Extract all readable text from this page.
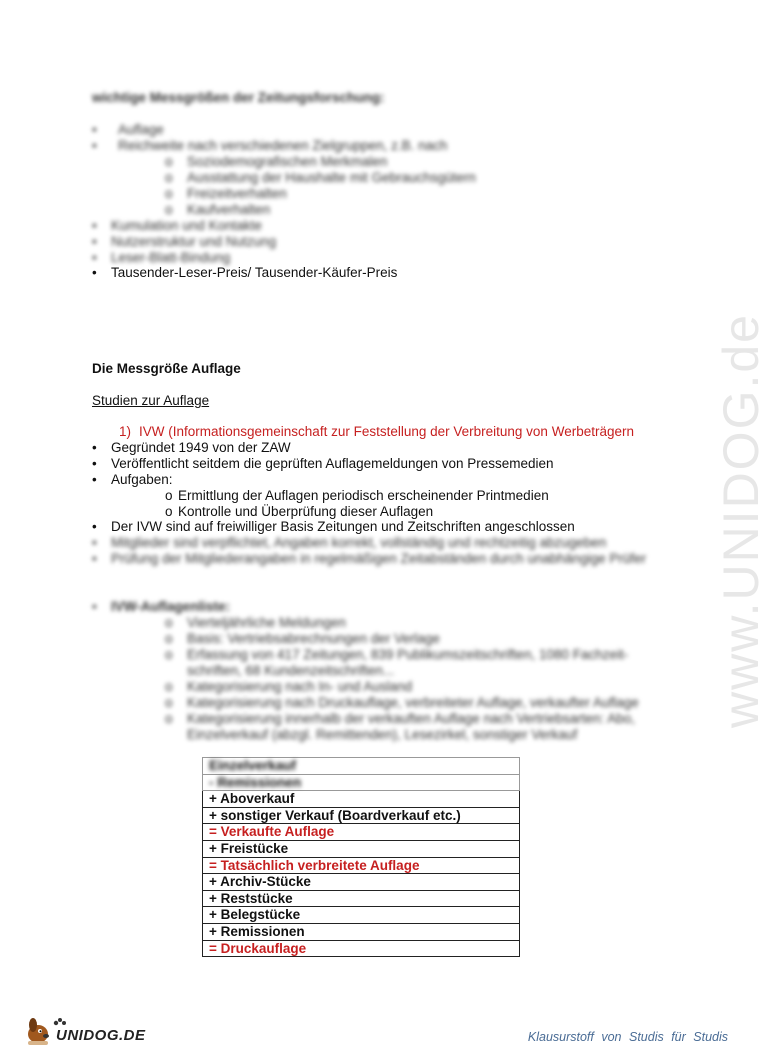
www.UNIDOG.de
wichtige Messgrößen der Zeitungsforschung:
• Auflage
• Reichweite nach verschiedenen Zielgruppen, z.B. nach
o Soziodemografischen Merkmalen
o Ausstattung der Haushalte mit Gebrauchsgütern
o Freizeitverhalten
o Kaufverhalten
• Kumulation und Kontakte
• Nutzerstruktur und Nutzung
• Leser-Blatt-Bindung
• Tausender-Leser-Preis/ Tausender-Käufer-Preis
Die Messgröße Auflage
Studien zur Auflage
1) IVW (Informationsgemeinschaft zur Feststellung der Verbreitung von Werbeträgern
• Gegründet 1949 von der ZAW
• Veröffentlicht seitdem die geprüften Auflagemeldungen von Pressemedien
• Aufgaben:
o Ermittlung der Auflagen periodisch erscheinender Printmedien
o Kontrolle und Überprüfung dieser Auflagen
• Der IVW sind auf freiwilliger Basis Zeitungen und Zeitschriften angeschlossen
• Mitglieder sind verpflichtet, Angaben korrekt, vollständig und rechtzeitig abzugeben
• Prüfung der Mitgliederangaben in regelmäßigen Zeitabständen durch unabhängige Prüfer
• IVW-Auflagenliste:
o Vierteljährliche Meldungen
o Basis: Vertriebsabrechnungen der Verlage
o Erfassung von 417 Zeitungen, 839 Publikumszeitschriften, 1080 Fachzeit-
schriften, 68 Kundenzeitschriften...
o Kategorisierung nach In- und Ausland
o Kategorisierung nach Druckauflage, verbreiteter Auflage, verkaufter Auflage
o Kategorisierung innerhalb der verkauften Auflage nach Vertriebsarten: Abo,
Einzelverkauf (abzgl. Remittenden), Lesezirkel, sonstiger Verkauf
Einzelverkauf
- Remissionen
+ Aboverkauf
+ sonstiger Verkauf (Boardverkauf etc.)
= Verkaufte Auflage
+ Freistücke
= Tatsächlich verbreitete Auflage
+ Archiv-Stücke
+ Reststücke
+ Belegstücke
+ Remissionen
= Druckauflage
UNIDOG.DE	Klausurstoff von Studis für Studis
